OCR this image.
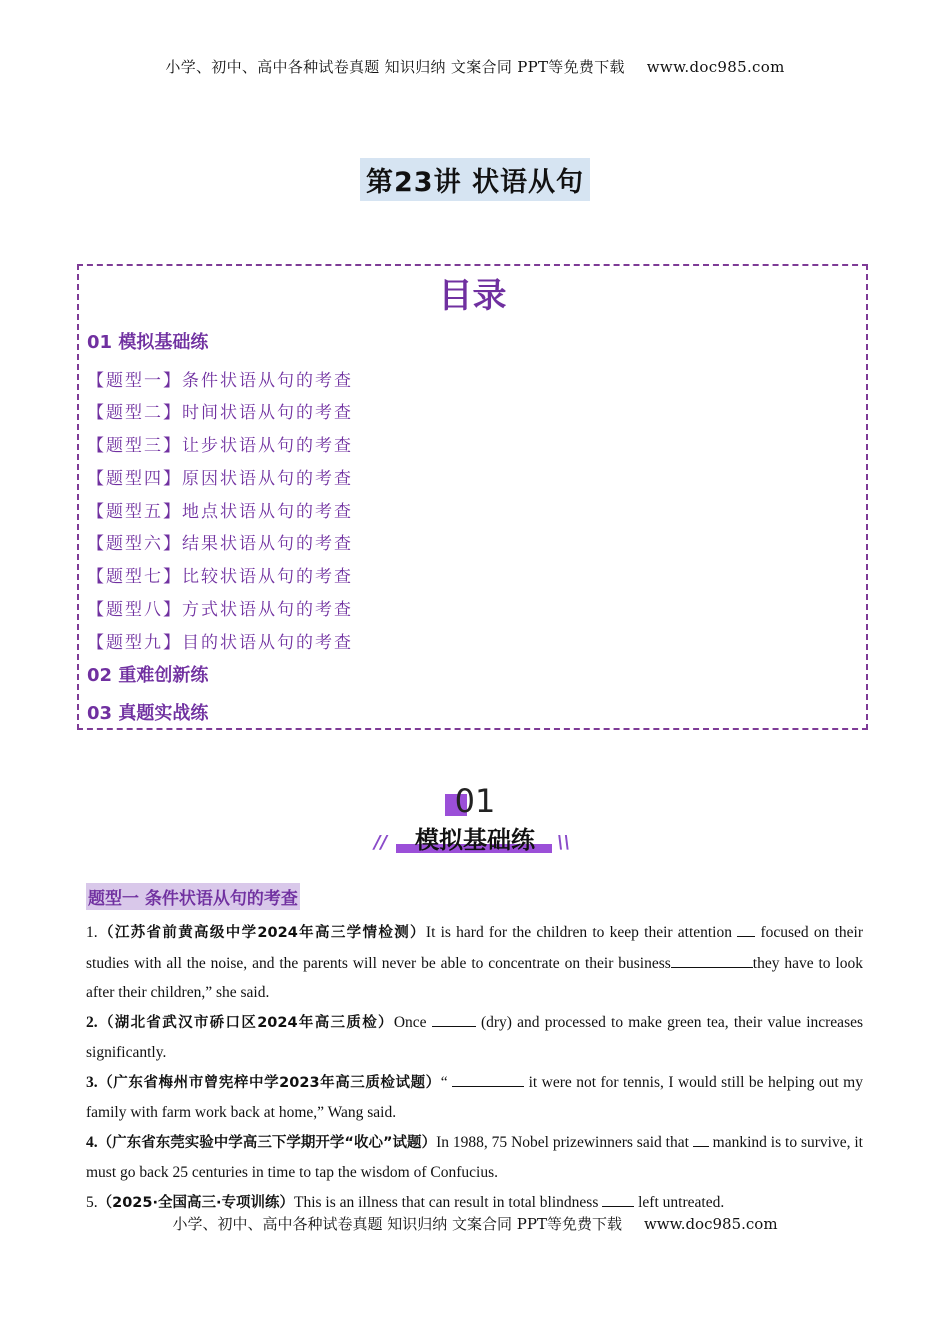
小学、初中、高中各种试卷真题 知识归纳 文案合同 PPT等免费下载 www.doc985.com
第23讲 状语从句
目录
01 模拟基础练
【题型一】条件状语从句的考查
【题型二】时间状语从句的考查
【题型三】让步状语从句的考查
【题型四】原因状语从句的考查
【题型五】地点状语从句的考查
【题型六】结果状语从句的考查
【题型七】比较状语从句的考查
【题型八】方式状语从句的考查
【题型九】目的状语从句的考查
02 重难创新练
03 真题实战练
01
//	模拟基础练	\\
题型一 条件状语从句的考查

1.（江苏省前黄高级中学2024年高三学情检测）It is hard for the children to keep their attention  focused on their studies with all the noise, and the parents will never be able to concentrate on their business	they have to look after their children,” she said.

2.（湖北省武汉市硚口区2024年高三质检）Once	(dry) and processed to make green tea, their value increases significantly.

3.（广东省梅州市曾宪梓中学2023年高三质检试题）“	it were not for tennis, I would still be helping out my family with farm work back at home,” Wang said.

4.（广东省东莞实验中学高三下学期开学“收心”试题）In 1988, 75 Nobel prizewinners said that  mankind is to survive, it must go back 25 centuries in time to tap the wisdom of Confucius.

5.（2025·全国高三·专项训练）This is an illness that can result in total blindness  left untreated.

小学、初中、高中各种试卷真题 知识归纳 文案合同 PPT等免费下载 www.doc985.com
